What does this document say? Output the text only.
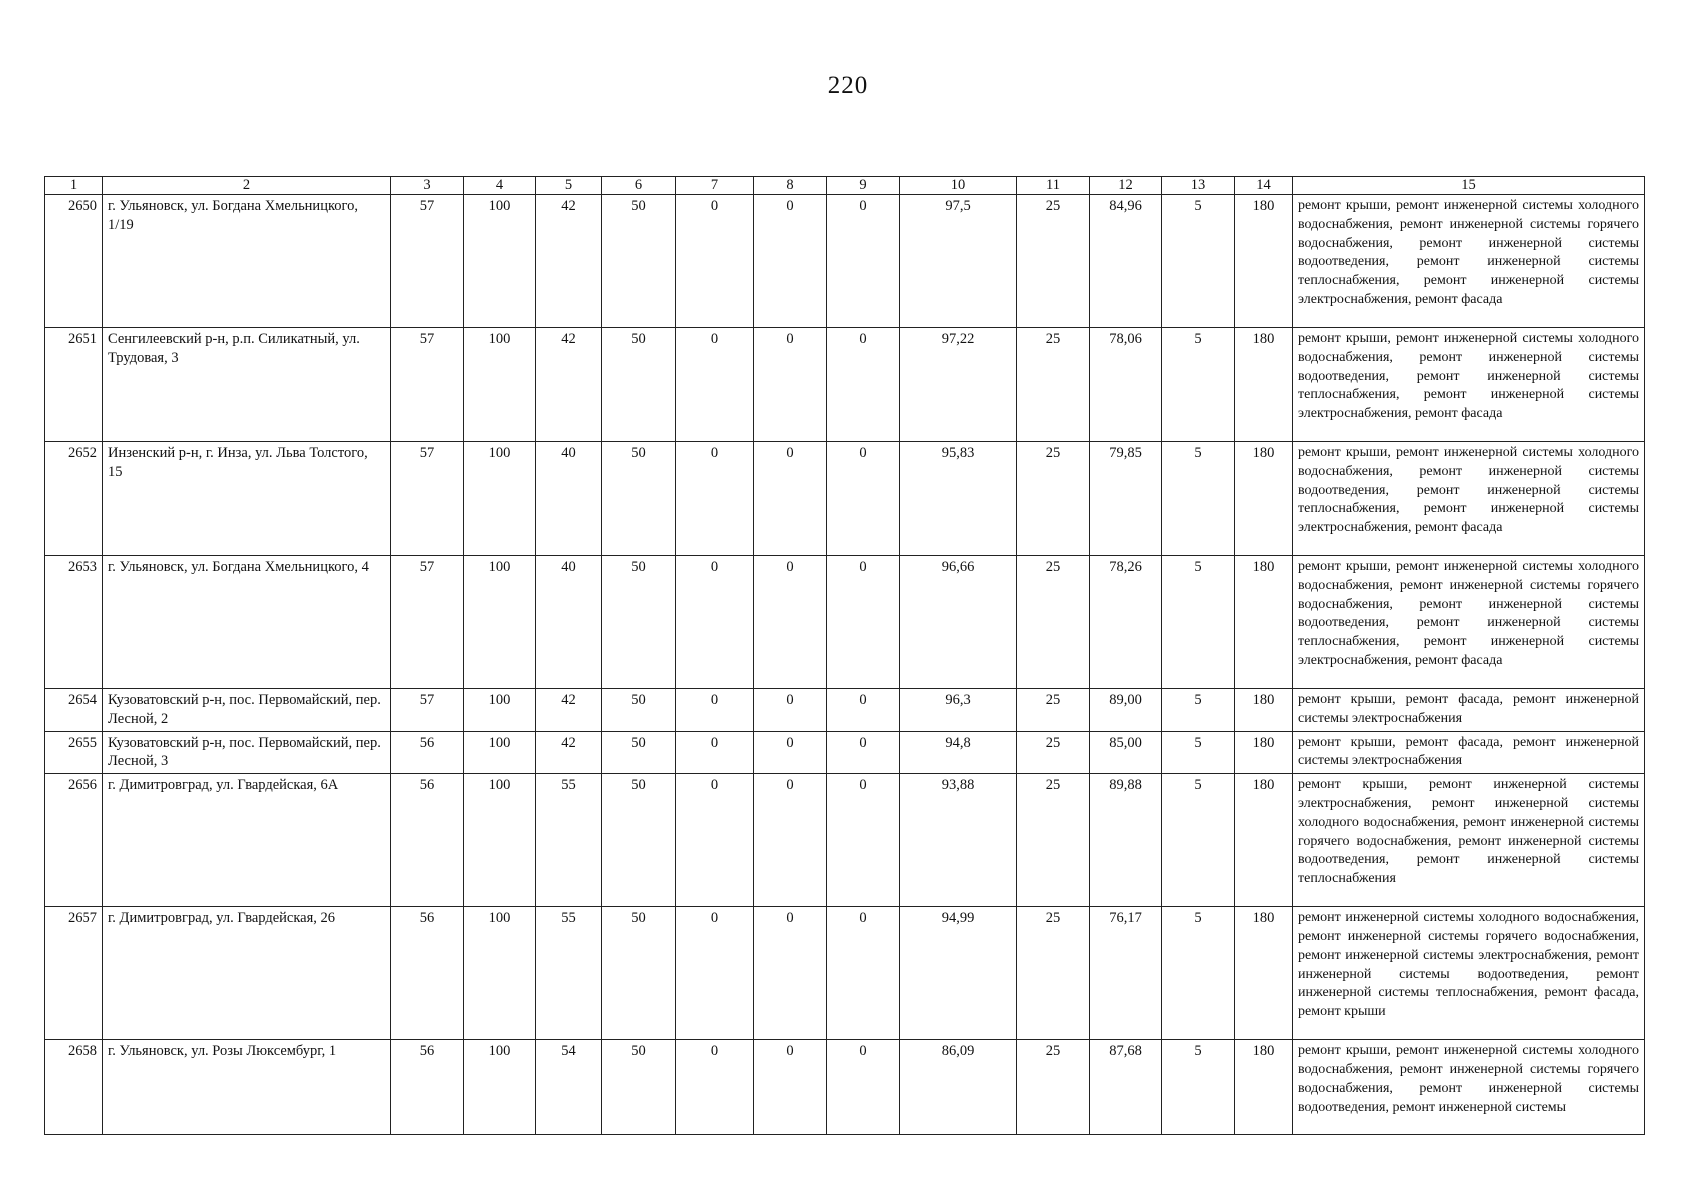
220
1	2	3	4	5	6	7	8	9	10	11	12	13	14	15
2650	г. Ульяновск, ул. Богдана Хмельницкого, 1/19	57	100	42	50	0	0	0	97,5	25	84,96	5	180	ремонт крыши, ремонт инженерной системы холодного водоснабжения, ремонт инженерной системы горячего водоснабжения, ремонт инженерной системы водоотведения, ремонт инженерной системы теплоснабжения, ремонт инженерной системы электроснабжения, ремонт фасада
2651	Сенгилеевский р-н, р.п. Силикатный, ул. Трудовая, 3	57	100	42	50	0	0	0	97,22	25	78,06	5	180	ремонт крыши, ремонт инженерной системы холодного водоснабжения, ремонт инженерной системы водоотведения, ремонт инженерной системы теплоснабжения, ремонт инженерной системы электроснабжения, ремонт фасада
2652	Инзенский р-н, г. Инза, ул. Льва Толстого, 15	57	100	40	50	0	0	0	95,83	25	79,85	5	180	ремонт крыши, ремонт инженерной системы холодного водоснабжения, ремонт инженерной системы водоотведения, ремонт инженерной системы теплоснабжения, ремонт инженерной системы электроснабжения, ремонт фасада
2653	г. Ульяновск, ул. Богдана Хмельницкого, 4	57	100	40	50	0	0	0	96,66	25	78,26	5	180	ремонт крыши, ремонт инженерной системы холодного водоснабжения, ремонт инженерной системы горячего водоснабжения, ремонт инженерной системы водоотведения, ремонт инженерной системы теплоснабжения, ремонт инженерной системы электроснабжения, ремонт фасада
2654	Кузоватовский р-н, пос. Первомайский, пер. Лесной, 2	57	100	42	50	0	0	0	96,3	25	89,00	5	180	ремонт крыши, ремонт фасада, ремонт инженерной системы электроснабжения
2655	Кузоватовский р-н, пос. Первомайский, пер. Лесной, 3	56	100	42	50	0	0	0	94,8	25	85,00	5	180	ремонт крыши, ремонт фасада, ремонт инженерной системы электроснабжения
2656	г. Димитровград, ул. Гвардейская, 6А	56	100	55	50	0	0	0	93,88	25	89,88	5	180	ремонт крыши, ремонт инженерной системы электроснабжения, ремонт инженерной системы холодного водоснабжения, ремонт инженерной системы горячего водоснабжения, ремонт инженерной системы водоотведения, ремонт инженерной системы теплоснабжения
2657	г. Димитровград, ул. Гвардейская, 26	56	100	55	50	0	0	0	94,99	25	76,17	5	180	ремонт инженерной системы холодного водоснабжения, ремонт инженерной системы горячего водоснабжения, ремонт инженерной системы электроснабжения, ремонт инженерной системы водоотведения, ремонт инженерной системы теплоснабжения, ремонт фасада, ремонт крыши
2658	г. Ульяновск, ул. Розы Люксембург, 1	56	100	54	50	0	0	0	86,09	25	87,68	5	180	ремонт крыши, ремонт инженерной системы холодного водоснабжения, ремонт инженерной системы горячего водоснабжения, ремонт инженерной системы водоотведения, ремонт инженерной системы
